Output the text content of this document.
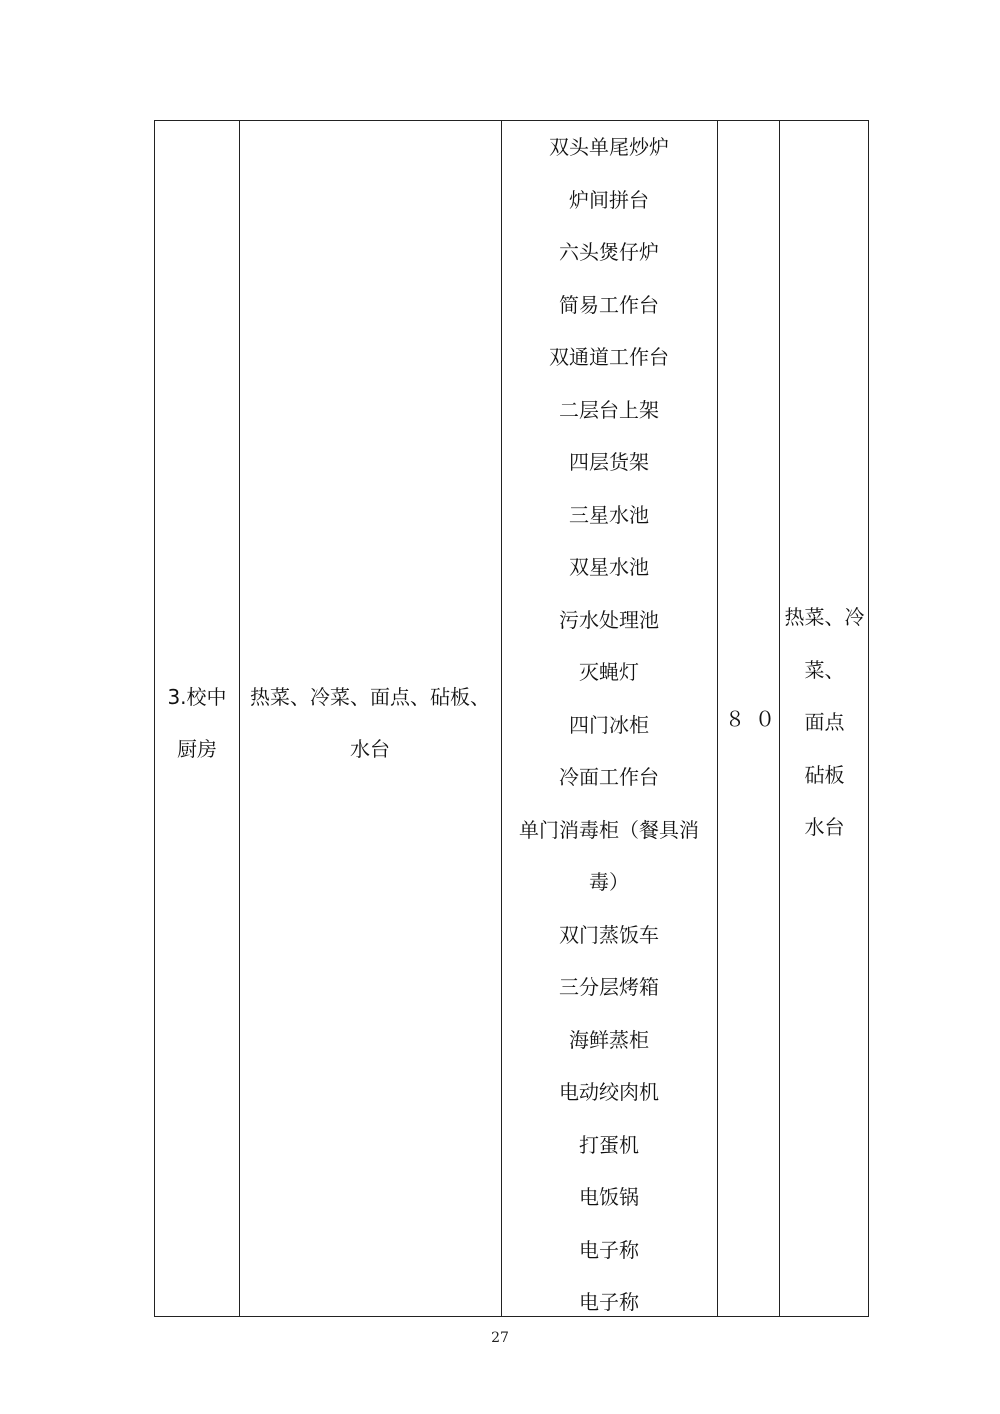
3.校中
厨房
热菜、冷菜、面点、砧板、
水台
双头单尾炒炉
炉间拼台
六头煲仔炉
简易工作台
双通道工作台
二层台上架
四层货架
三星水池
双星水池
污水处理池
灭蝇灯
四门冰柜
冷面工作台
单门消毒柜（餐具消
毒）
双门蒸饭车
三分层烤箱
海鲜蒸柜
电动绞肉机
打蛋机
电饭锅
电子称
电子称
８０
热菜、冷
菜、
面点
砧板
水台
27
